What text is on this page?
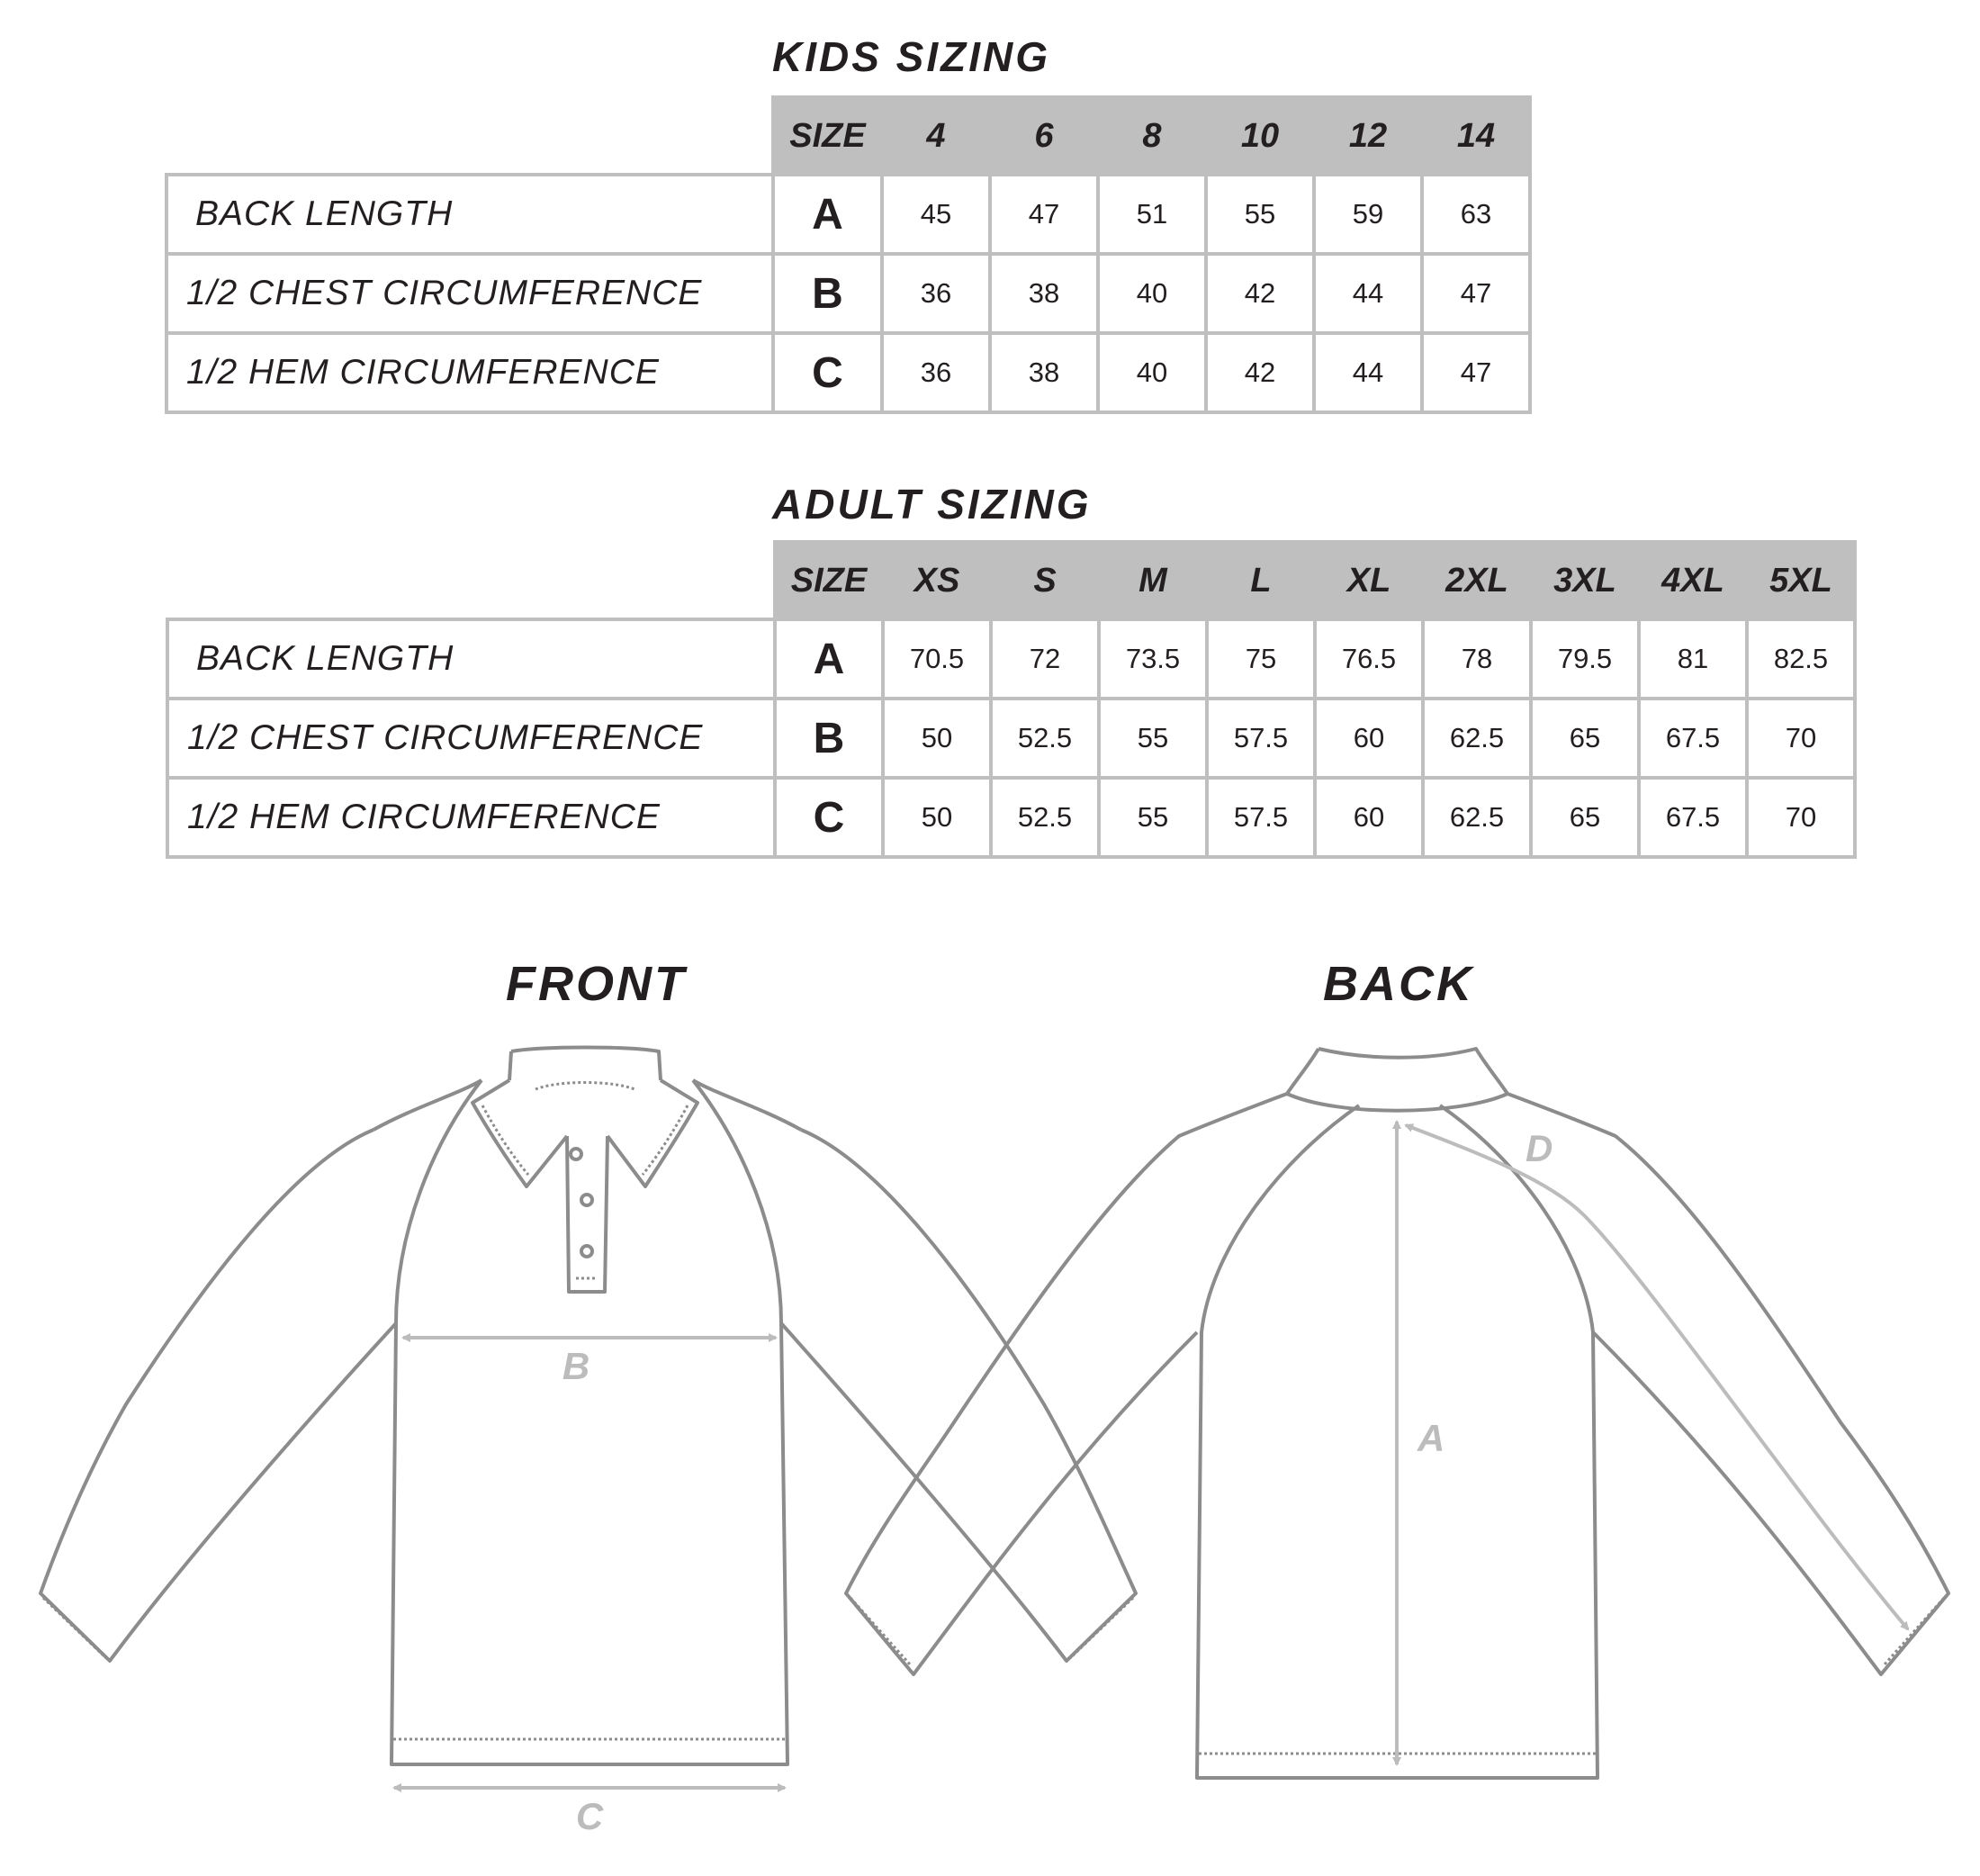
KIDS SIZING
	SIZE	4	6	8	10	12	14
BACK LENGTH	A	45	47	51	55	59	63
1/2 CHEST CIRCUMFERENCE	B	36	38	40	42	44	47
1/2 HEM CIRCUMFERENCE	C	36	38	40	42	44	47
ADULT SIZING
	SIZE	XS	S	M	L	XL	2XL	3XL	4XL	5XL
BACK LENGTH	A	70.5	72	73.5	75	76.5	78	79.5	81	82.5
1/2 CHEST CIRCUMFERENCE	B	50	52.5	55	57.5	60	62.5	65	67.5	70
1/2 HEM CIRCUMFERENCE	C	50	52.5	55	57.5	60	62.5	65	67.5	70
FRONT	BACK
B
C
A
D
